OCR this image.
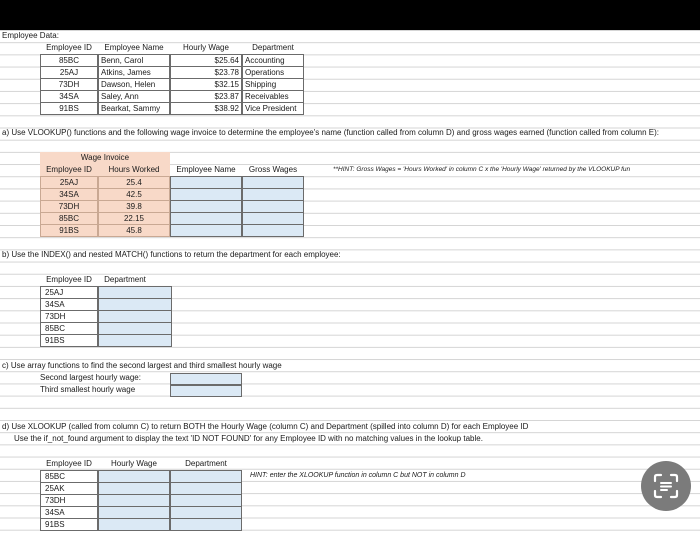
Employee Data:
Employee ID	Employee Name	Hourly Wage	Department
85BC	Benn, Carol	$25.64 Accounting
25AJ	Atkins, James	$23.78 Operations
73DH	Dawson, Helen	$32.15 Shipping
34SA	Saley, Ann	$23.87 Receivables
91BS	Bearkat, Sammy	$38.92 Vice President
a) Use VLOOKUP() functions and the following wage invoice to determine the employee's name (function called from column D) and gross wages earned (function called from column E):
Wage Invoice
Employee ID	Hours Worked	Employee Name	Gross Wages	**HINT: Gross Wages = 'Hours Worked' in column C x the 'Hourly Wage' returned by the VLOOKUP fun
25AJ	25.4
34SA	42.5
73DH	39.8
85BC	22.15
91BS	45.8
b) Use the INDEX() and nested MATCH() functions to return the department for each employee:
Employee ID	Department
25AJ
34SA
73DH
85BC
91BS
c) Use array functions to find the second largest and third smallest hourly wage
Second largest hourly wage:
Third smallest hourly wage
d) Use XLOOKUP (called from column C) to return BOTH the Hourly Wage (column C) and Department (spilled into column D) for each Employee ID
Use the if_not_found argument to display the text 'ID NOT FOUND' for any Employee ID with no matching values in the lookup table.
Employee ID	Hourly Wage	Department
HINT: enter the XLOOKUP function in column C but NOT in column D
85BC
25AK
73DH
34SA
91BS
